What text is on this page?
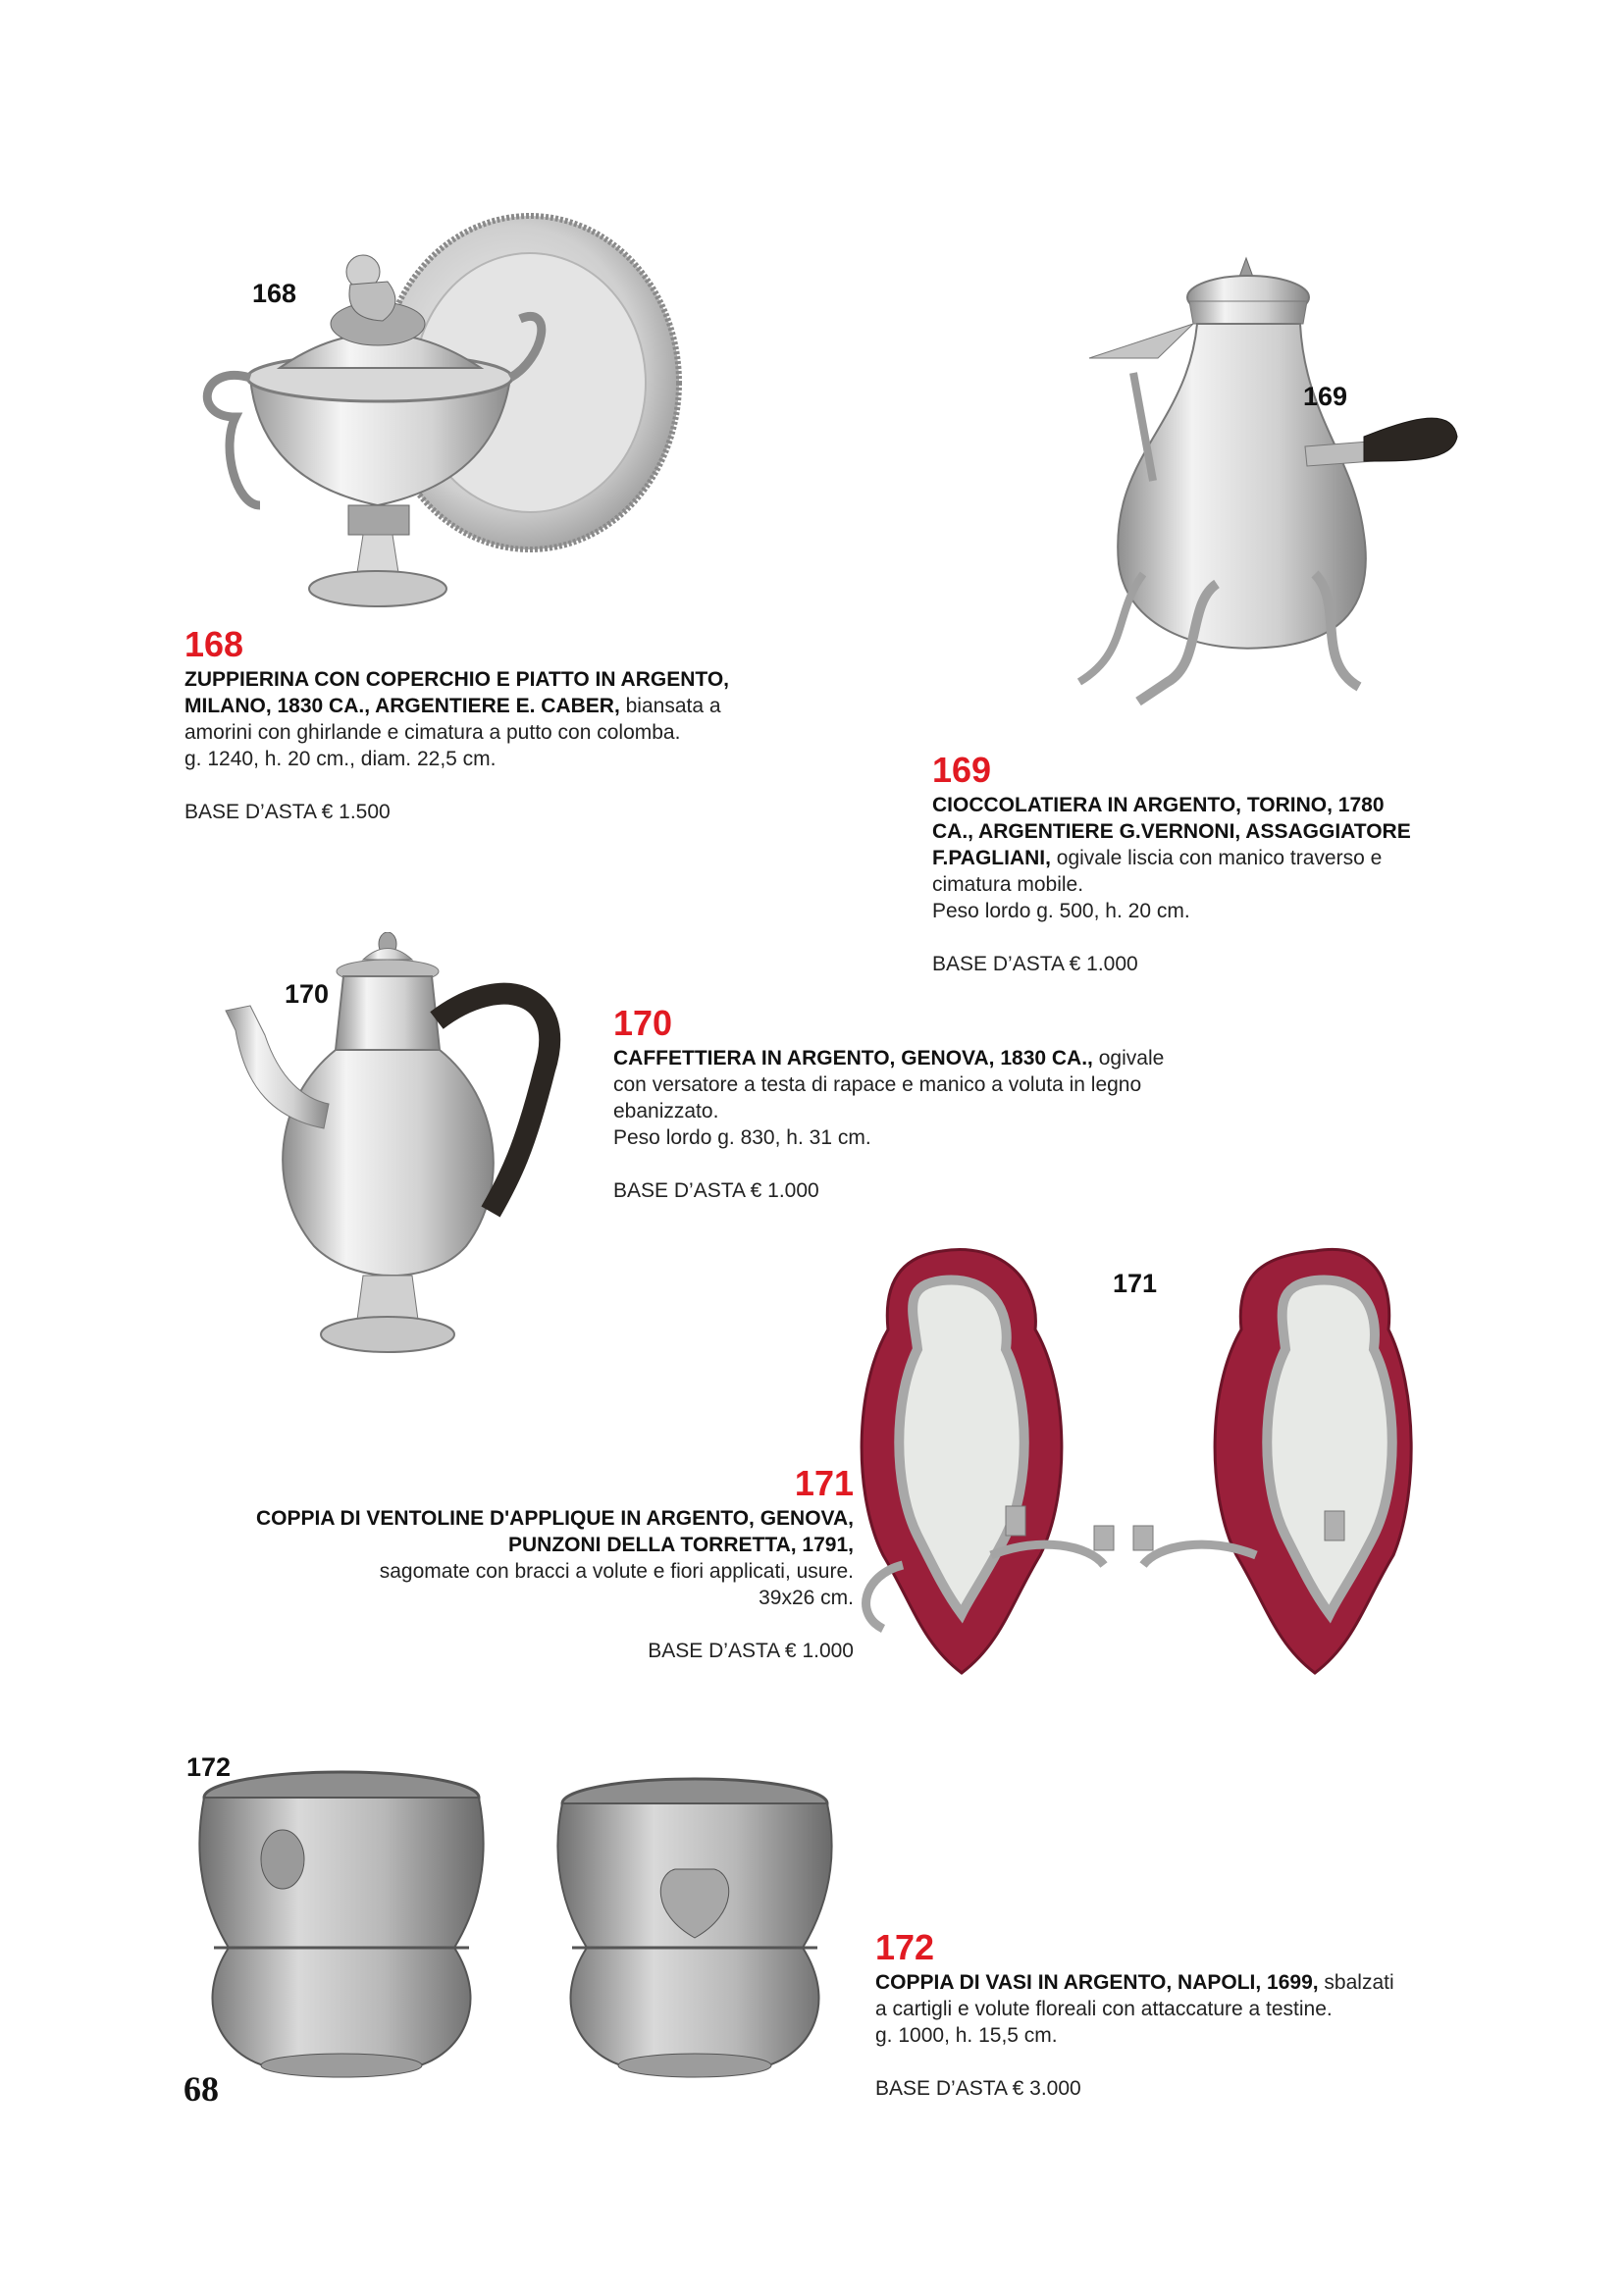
168
168
ZUPPIERINA CON COPERCHIO E PIATTO IN ARGENTO,
MILANO, 1830 CA., ARGENTIERE E. CABER, biansata a
amorini con ghirlande e cimatura a putto con colomba.
g. 1240, h. 20 cm., diam. 22,5 cm.
BASE D’ASTA € 1.500
169
169
CIOCCOLATIERA IN ARGENTO, TORINO, 1780
CA., ARGENTIERE G.VERNONI, ASSAGGIATORE
F.PAGLIANI, ogivale liscia con manico traverso e
cimatura mobile.
Peso lordo g. 500, h. 20 cm.
BASE D’ASTA € 1.000
170
170
CAFFETTIERA IN ARGENTO, GENOVA, 1830 CA., ogivale
con versatore a testa di rapace e manico a voluta in legno
ebanizzato.
Peso lordo g. 830, h. 31 cm.
BASE D’ASTA € 1.000
171
171
COPPIA DI VENTOLINE D'APPLIQUE IN ARGENTO, GENOVA,
PUNZONI DELLA TORRETTA, 1791,
sagomate con bracci a volute e fiori applicati, usure.
39x26 cm.
BASE D’ASTA € 1.000
172
172
COPPIA DI VASI IN ARGENTO, NAPOLI, 1699, sbalzati
a cartigli e volute floreali con attaccature a testine.
g. 1000, h. 15,5 cm.
BASE D’ASTA € 3.000
68
